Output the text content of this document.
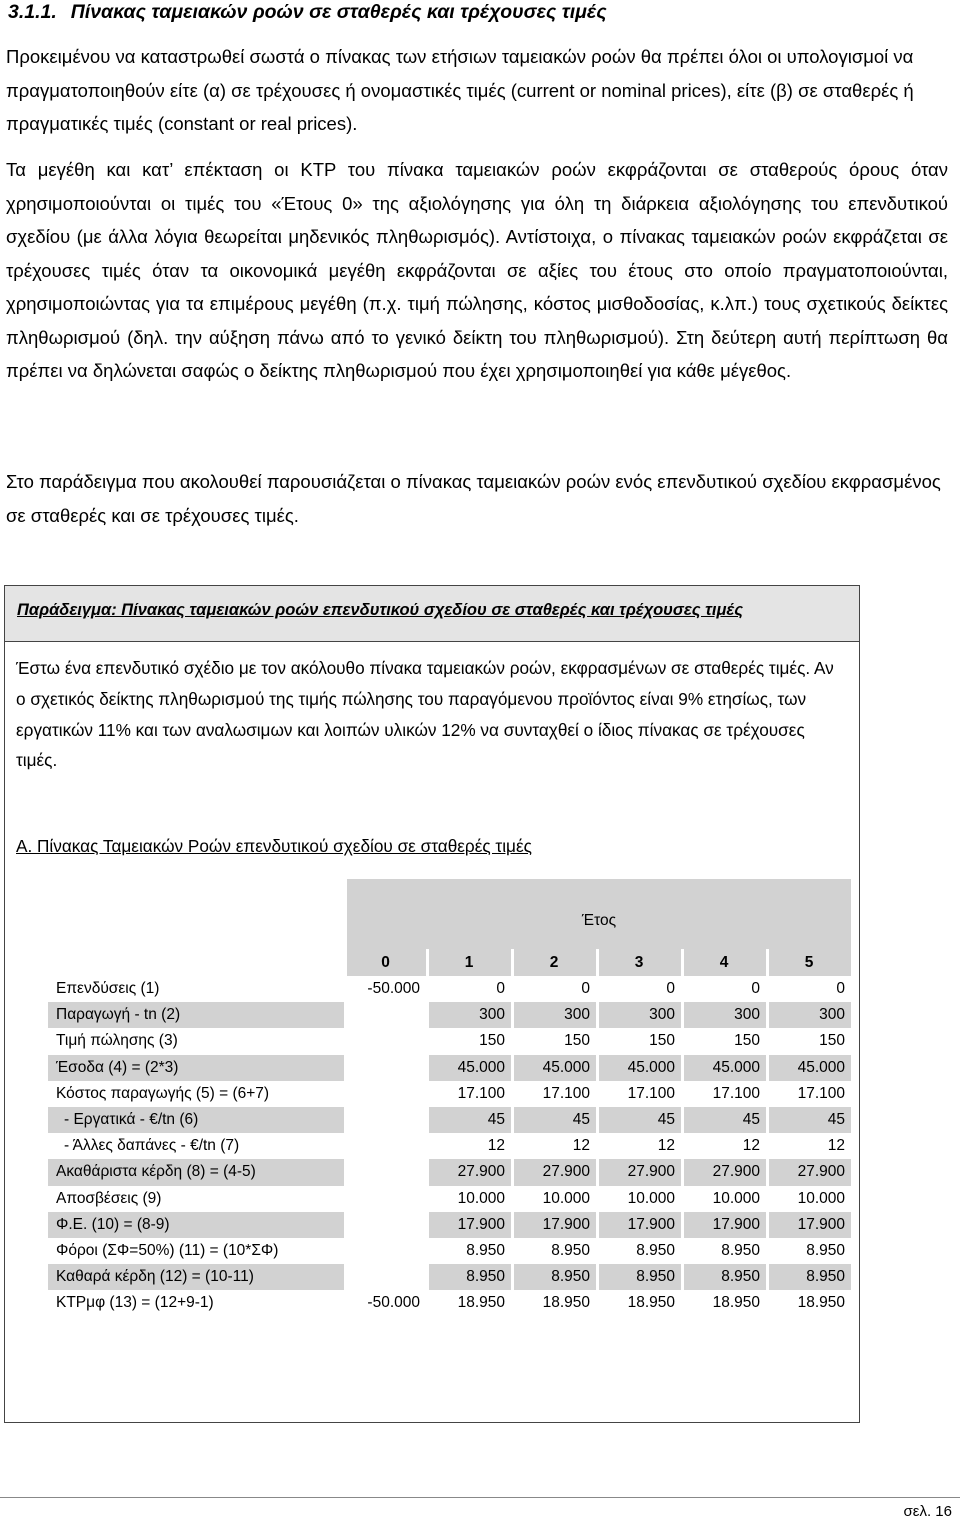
3.1.1. Πίνακας ταμειακών ροών σε σταθερές και τρέχουσες τιμές

Προκειμένου να καταστρωθεί σωστά ο πίνακας των ετήσιων ταμειακών ροών θα πρέπει όλοι οι υπολογισμοί να πραγματοποιηθούν είτε (α) σε τρέχουσες ή ονομαστικές τιμές (current or nominal prices), είτε (β) σε σταθερές ή πραγματικές τιμές (constant or real prices).

Τα μεγέθη και κατ’ επέκταση οι ΚΤΡ του πίνακα ταμειακών ροών εκφράζονται σε σταθερούς όρους όταν χρησιμοποιούνται οι τιμές του «Έτους 0» της αξιολόγησης για όλη τη διάρκεια αξιολόγησης του επενδυτικού σχεδίου (με άλλα λόγια θεωρείται μηδενικός πληθωρισμός). Αντίστοιχα, ο πίνακας ταμειακών ροών εκφράζεται σε τρέχουσες τιμές όταν τα οικονομικά μεγέθη εκφράζονται σε αξίες του έτους στο οποίο πραγματοποιούνται, χρησιμοποιώντας για τα επιμέρους μεγέθη (π.χ. τιμή πώλησης, κόστος μισθοδοσίας, κ.λπ.) τους σχετικούς δείκτες πληθωρισμού (δηλ. την αύξηση πάνω από το γενικό δείκτη του πληθωρισμού). Στη δεύτερη αυτή περίπτωση θα πρέπει να δηλώνεται σαφώς ο δείκτης πληθωρισμού που έχει χρησιμοποιηθεί για κάθε μέγεθος.

Στο παράδειγμα που ακολουθεί παρουσιάζεται ο πίνακας ταμειακών ροών ενός επενδυτικού σχεδίου εκφρασμένος σε σταθερές και σε τρέχουσες τιμές.

Παράδειγμα: Πίνακας ταμειακών ροών επενδυτικού σχεδίου σε σταθερές και τρέχουσες τιμές

Έστω ένα επενδυτικό σχέδιο με τον ακόλουθο πίνακα ταμειακών ροών, εκφρασμένων σε σταθερές τιμές. Αν ο σχετικός δείκτης πληθωρισμού της τιμής πώλησης του παραγόμενου προϊόντος είναι 9% ετησίως, των εργατικών 11% και των αναλωσιμων και λοιπών υλικών 12% να συνταχθεί ο ίδιος πίνακας σε τρέχουσες τιμές.

Α. Πίνακας Ταμειακών Ροών επενδυτικού σχεδίου σε σταθερές τιμές
	Έτος					
	0	1	2	3	4	5
Επενδύσεις (1)	-50.000	0	0	0	0	0
Παραγωγή - tn (2)		300	300	300	300	300
Τιμή πώλησης (3)		150	150	150	150	150
Έσοδα (4) = (2*3)		45.000	45.000	45.000	45.000	45.000
Κόστος παραγωγής (5) = (6+7)		17.100	17.100	17.100	17.100	17.100
- Εργατικά - €/tn (6)		45	45	45	45	45
- Άλλες δαπάνες - €/tn (7)		12	12	12	12	12
Ακαθάριστα κέρδη (8) = (4-5)		27.900	27.900	27.900	27.900	27.900
Αποσβέσεις (9)		10.000	10.000	10.000	10.000	10.000
Φ.Ε. (10) = (8-9)		17.900	17.900	17.900	17.900	17.900
Φόροι (ΣΦ=50%) (11) = (10*ΣΦ)		8.950	8.950	8.950	8.950	8.950
Καθαρά κέρδη (12) = (10-11)		8.950	8.950	8.950	8.950	8.950
ΚΤΡμφ (13) = (12+9-1)	-50.000	18.950	18.950	18.950	18.950	18.950
σελ. 16
